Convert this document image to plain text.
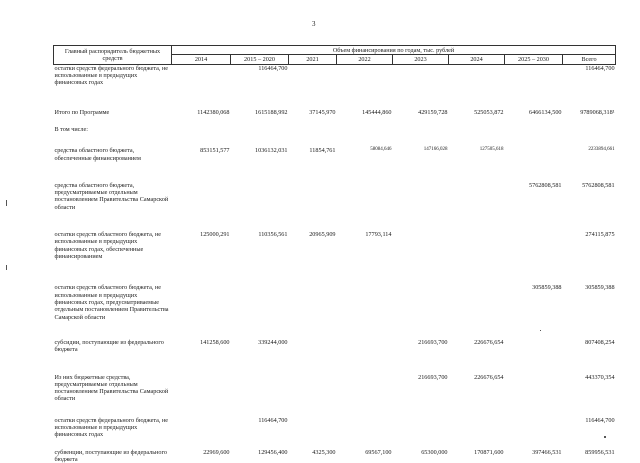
3
Главный распорядитель бюджетных средств	Объем финансирования по годам, тыс. рублей							
	2014	2015 – 2020	2021	2022	2023	2024	2025 – 2030	Всего
остатки средств федерального бюджета, не использованные в предыдущих финансовых годах		116464,700						116464,700

Итого по Программе	1142380,068	1615188,992	37145,970	145444,860	429159,728	525053,872	6466134,500	9789068,318¹

В том числе:								

средства областного бюджета, обеспеченные финансированием	853151,577	1036132,031	11854,761	58084,646	147166,028	127505,618		2233894,661

средства областного бюджета, предусматриваемые отдельным постановлением Правительства Самарской области							5762808,581	5762808,581

остатки средств областного бюджета, не использованные в предыдущих финансовых годах, обеспеченные финансированием	125000,291	110356,561	20965,909	17793,114				274115,875

остатки средств областного бюджета, не использованные в предыдущих финансовых годах, предусматриваемые отдельным постановлением Правительства Самарской области							305859,388	305859,388

субсидии, поступающие из федерального бюджета	141258,600	339244,000			216693,700	226676,654		807408,254

Из них бюджетные средства, предусматриваемые отдельным постановлением Правительства Самарской области					216693,700	226676,654		443370,354

остатки средств федерального бюджета, не использованные в предыдущих финансовых годах		116464,700						116464,700

субвенции, поступающие из федерального бюджета	22969,600	129456,400	4325,300	69567,100	65300,000	170871,600	397466,531	859956,531
